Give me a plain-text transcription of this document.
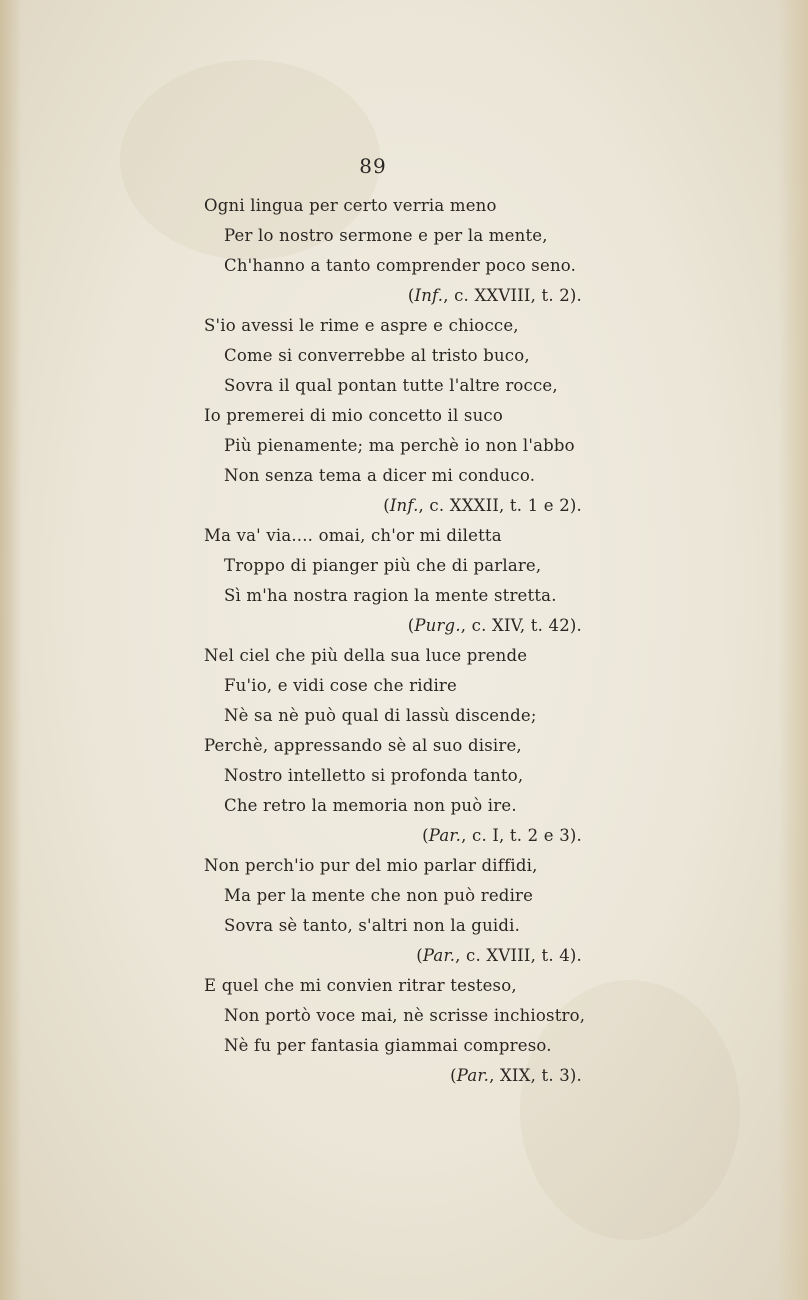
89
Ogni lingua per certo verria meno
Per lo nostro sermone e per la mente,
Ch'hanno a tanto comprender poco seno.
(Inf., c. XXVIII, t. 2).
S'io avessi le rime e aspre e chiocce,
Come si converrebbe al tristo buco,
Sovra il qual pontan tutte l'altre rocce,
Io premerei di mio concetto il suco
Più pienamente; ma perchè io non l'abbo
Non senza tema a dicer mi conduco.
(Inf., c. XXXII, t. 1 e 2).
Ma va' via.... omai, ch'or mi diletta
Troppo di pianger più che di parlare,
Sì m'ha nostra ragion la mente stretta.
(Purg., c. XIV, t. 42).
Nel ciel che più della sua luce prende
Fu'io, e vidi cose che ridire
Nè sa nè può qual di lassù discende;
Perchè, appressando sè al suo disire,
Nostro intelletto si profonda tanto,
Che retro la memoria non può ire.
(Par., c. I, t. 2 e 3).
Non perch'io pur del mio parlar diffidi,
Ma per la mente che non può redire
Sovra sè tanto, s'altri non la guidi.
(Par., c. XVIII, t. 4).
E quel che mi convien ritrar testeso,
Non portò voce mai, nè scrisse inchiostro,
Nè fu per fantasia giammai compreso.
(Par., XIX, t. 3).
